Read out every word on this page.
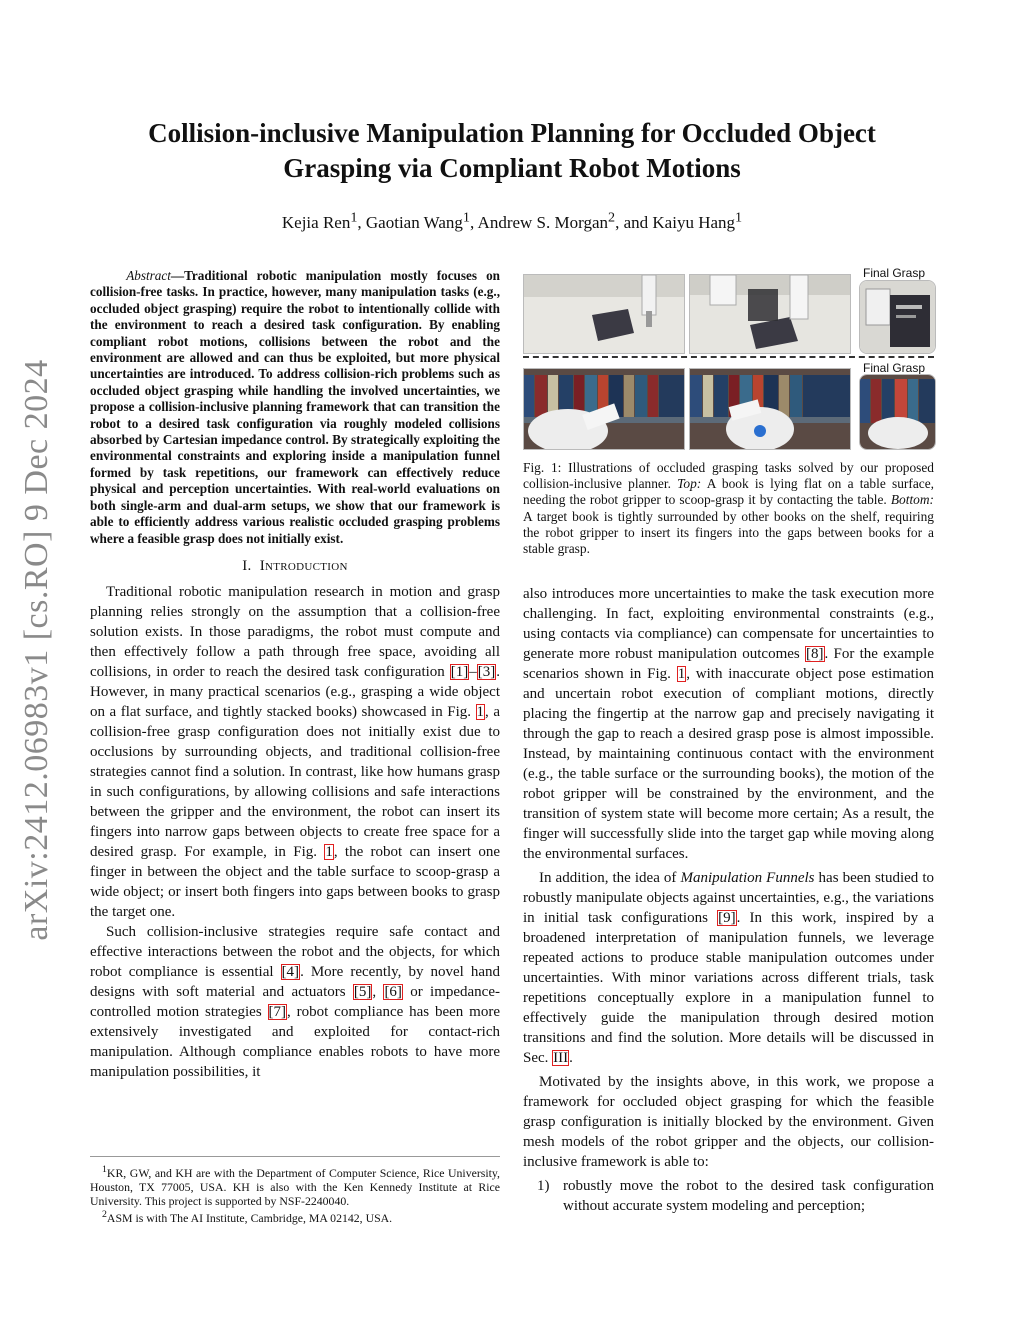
arXiv:2412.06983v1 [cs.RO] 9 Dec 2024
Collision-inclusive Manipulation Planning for Occluded Object
Grasping via Compliant Robot Motions
Kejia Ren$^1$, Gaotian Wang$^1$, Andrew S. Morgan$^2$, and Kaiyu Hang$^1$
Abstract—Traditional robotic manipulation mostly focuses on collision-free tasks. In practice, however, many manipulation tasks (e.g., occluded object grasping) require the robot to intentionally collide with the environment to reach a desired task configuration. By enabling compliant robot motions, collisions between the robot and the environment are allowed and can thus be exploited, but more physical uncertainties are introduced. To address collision-rich problems such as occluded object grasping while handling the involved uncertainties, we propose a collision-inclusive planning framework that can transition the robot to a desired task configuration via roughly modeled collisions absorbed by Cartesian impedance control. By strategically exploiting the environmental constraints and exploring inside a manipulation funnel formed by task repetitions, our framework can effectively reduce physical and perception uncertainties. With real-world evaluations on both single-arm and dual-arm setups, we show that our framework is able to efficiently address various realistic occluded grasping problems where a feasible grasp does not initially exist.
I. Introduction

Traditional robotic manipulation research in motion and grasp planning relies strongly on the assumption that a collision-free solution exists. In those paradigms, the robot must compute and then effectively follow a path through free space, avoiding all collisions, in order to reach the desired task configuration [1]–[3]. However, in many practical scenarios (e.g., grasping a wide object on a flat surface, and tightly stacked books) showcased in Fig. 1, a collision-free grasp configuration does not initially exist due to occlusions by surrounding objects, and traditional collision-free strategies cannot find a solution. In contrast, like how humans grasp in such configurations, by allowing collisions and safe interactions between the gripper and the environment, the robot can insert its fingers into narrow gaps between objects to create free space for a desired grasp. For example, in Fig. 1, the robot can insert one finger in between the object and the table surface to scoop-grasp a wide object; or insert both fingers into gaps between books to grasp the target one.

Such collision-inclusive strategies require safe contact and effective interactions between the robot and the objects, for which robot compliance is essential [4]. More recently, by novel hand designs with soft material and actuators [5], [6] or impedance-controlled motion strategies [7], robot compliance has been more extensively investigated and exploited for contact-rich manipulation. Although compliance enables robots to have more manipulation possibilities, it

$^1$KR, GW, and KH are with the Department of Computer Science, Rice University, Houston, TX 77005, USA. KH is also with the Ken Kennedy Institute at Rice University. This project is supported by NSF-2240040.
$^2$ASM is with The AI Institute, Cambridge, MA 02142, USA.
Final Grasp
Final Grasp
Fig. 1: Illustrations of occluded grasping tasks solved by our proposed collision-inclusive planner. Top: A book is lying flat on a table surface, needing the robot gripper to scoop-grasp it by contacting the table. Bottom: A target book is tightly surrounded by other books on the shelf, requiring the robot gripper to insert its fingers into the gaps between books for a stable grasp.

also introduces more uncertainties to make the task execution more challenging. In fact, exploiting environmental constraints (e.g., using contacts via compliance) can compensate for uncertainties to generate more robust manipulation outcomes [8]. For the example scenarios shown in Fig. 1, with inaccurate object pose estimation and uncertain robot execution of compliant motions, directly placing the fingertip at the narrow gap and precisely navigating it through the gap to reach a desired grasp pose is almost impossible. Instead, by maintaining continuous contact with the environment (e.g., the table surface or the surrounding books), the motion of the robot gripper will be constrained by the environment, and the transition of system state will become more certain; As a result, the finger will successfully slide into the target gap while moving along the environmental surfaces.

In addition, the idea of Manipulation Funnels has been studied to robustly manipulate objects against uncertainties, e.g., the variations in initial task configurations [9]. In this work, inspired by a broadened interpretation of manipulation funnels, we leverage repeated actions to produce stable manipulation outcomes under uncertainties. With minor variations across different trials, task repetitions conceptually explore in a manipulation funnel to effectively guide the manipulation through desired motion transitions and find the solution. More details will be discussed in Sec. III.

Motivated by the insights above, in this work, we propose a framework for occluded object grasping for which the feasible grasp configuration is initially blocked by the environment. Given mesh models of the robot gripper and the objects, our collision-inclusive framework is able to:

1) robustly move the robot to the desired task configuration without accurate system modeling and perception;
